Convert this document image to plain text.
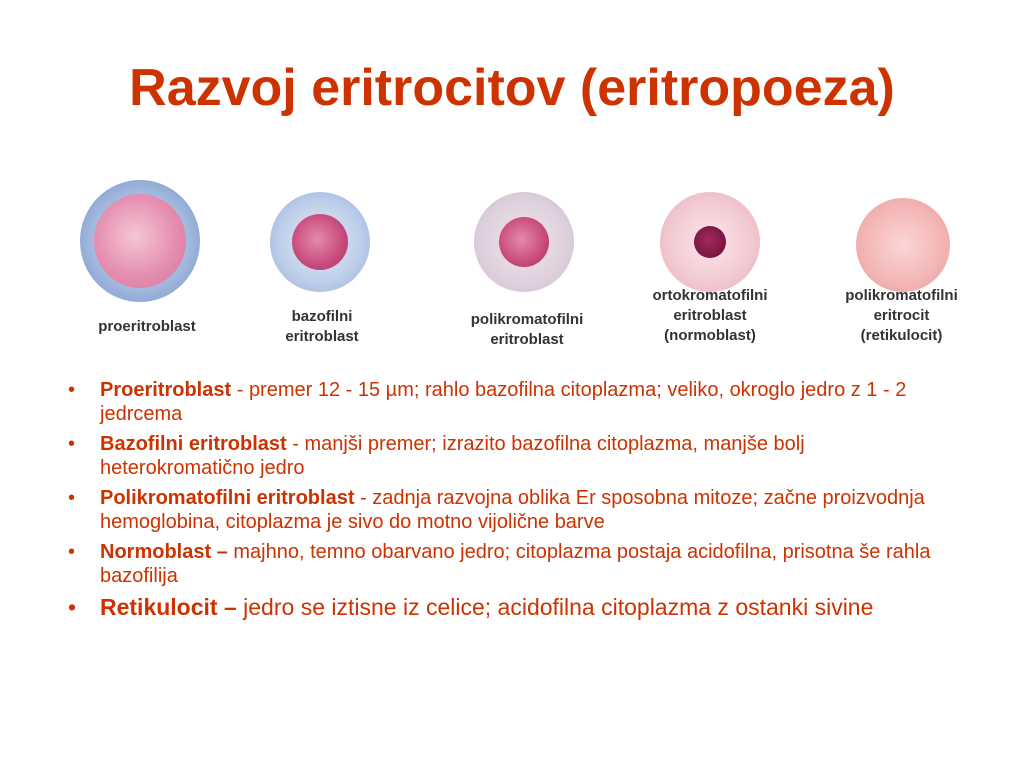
Razvoj eritrocitov (eritropoeza)
proeritroblast
bazofilni
eritroblast
polikromatofilni
eritroblast
ortokromatofilni
eritroblast
(normoblast)
polikromatofilni
eritrocit
(retikulocit)
• Proeritroblast - premer 12 - 15 µm; rahlo bazofilna citoplazma; veliko, okroglo jedro z 1 - 2 jedrcema
• Bazofilni eritroblast - manjši premer; izrazito bazofilna citoplazma, manjše bolj heterokromatično jedro
• Polikromatofilni eritroblast - zadnja razvojna oblika Er sposobna mitoze; začne proizvodnja hemoglobina, citoplazma je sivo do motno vijolične barve
• Normoblast – majhno, temno obarvano jedro; citoplazma postaja acidofilna, prisotna še rahla bazofilija
• Retikulocit – jedro se iztisne iz celice; acidofilna citoplazma z ostanki sivine
